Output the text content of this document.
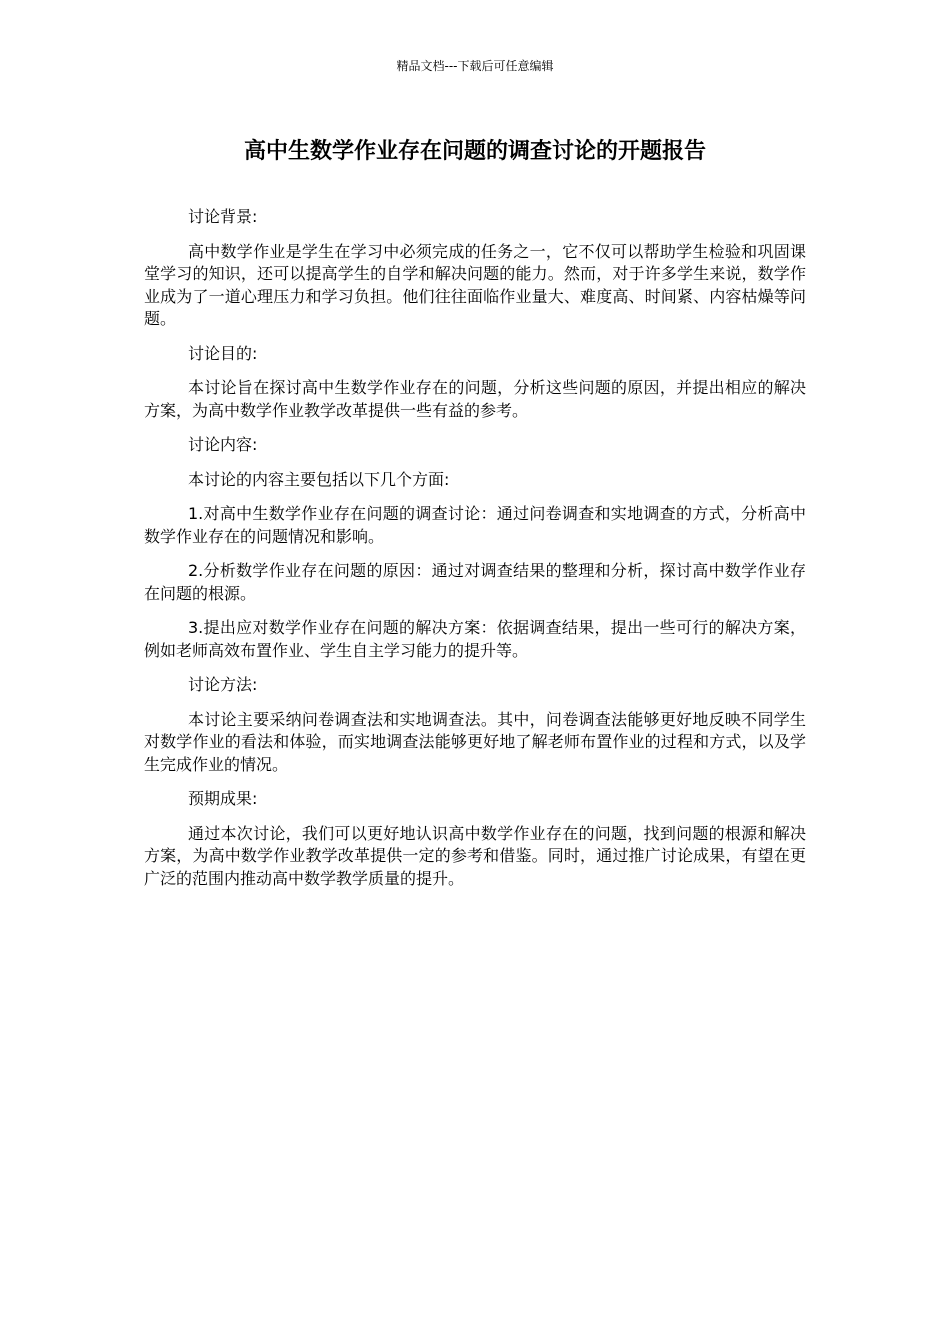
精品文档---下载后可任意编辑
高中生数学作业存在问题的调查讨论的开题报告

讨论背景:

高中数学作业是学生在学习中必须完成的任务之一，它不仅可以帮助学生检验和巩固课堂学习的知识，还可以提高学生的自学和解决问题的能力。然而，对于许多学生来说，数学作业成为了一道心理压力和学习负担。他们往往面临作业量大、难度高、时间紧、内容枯燥等问题。

讨论目的:

本讨论旨在探讨高中生数学作业存在的问题，分析这些问题的原因，并提出相应的解决方案，为高中数学作业教学改革提供一些有益的参考。

讨论内容:

本讨论的内容主要包括以下几个方面:

1.对高中生数学作业存在问题的调查讨论：通过问卷调查和实地调查的方式，分析高中数学作业存在的问题情况和影响。

2.分析数学作业存在问题的原因：通过对调查结果的整理和分析，探讨高中数学作业存在问题的根源。

3.提出应对数学作业存在问题的解决方案：依据调查结果，提出一些可行的解决方案，例如老师高效布置作业、学生自主学习能力的提升等。

讨论方法:

本讨论主要采纳问卷调查法和实地调查法。其中，问卷调查法能够更好地反映不同学生对数学作业的看法和体验，而实地调查法能够更好地了解老师布置作业的过程和方式，以及学生完成作业的情况。

预期成果:

通过本次讨论，我们可以更好地认识高中数学作业存在的问题，找到问题的根源和解决方案，为高中数学作业教学改革提供一定的参考和借鉴。同时，通过推广讨论成果，有望在更广泛的范围内推动高中数学教学质量的提升。
